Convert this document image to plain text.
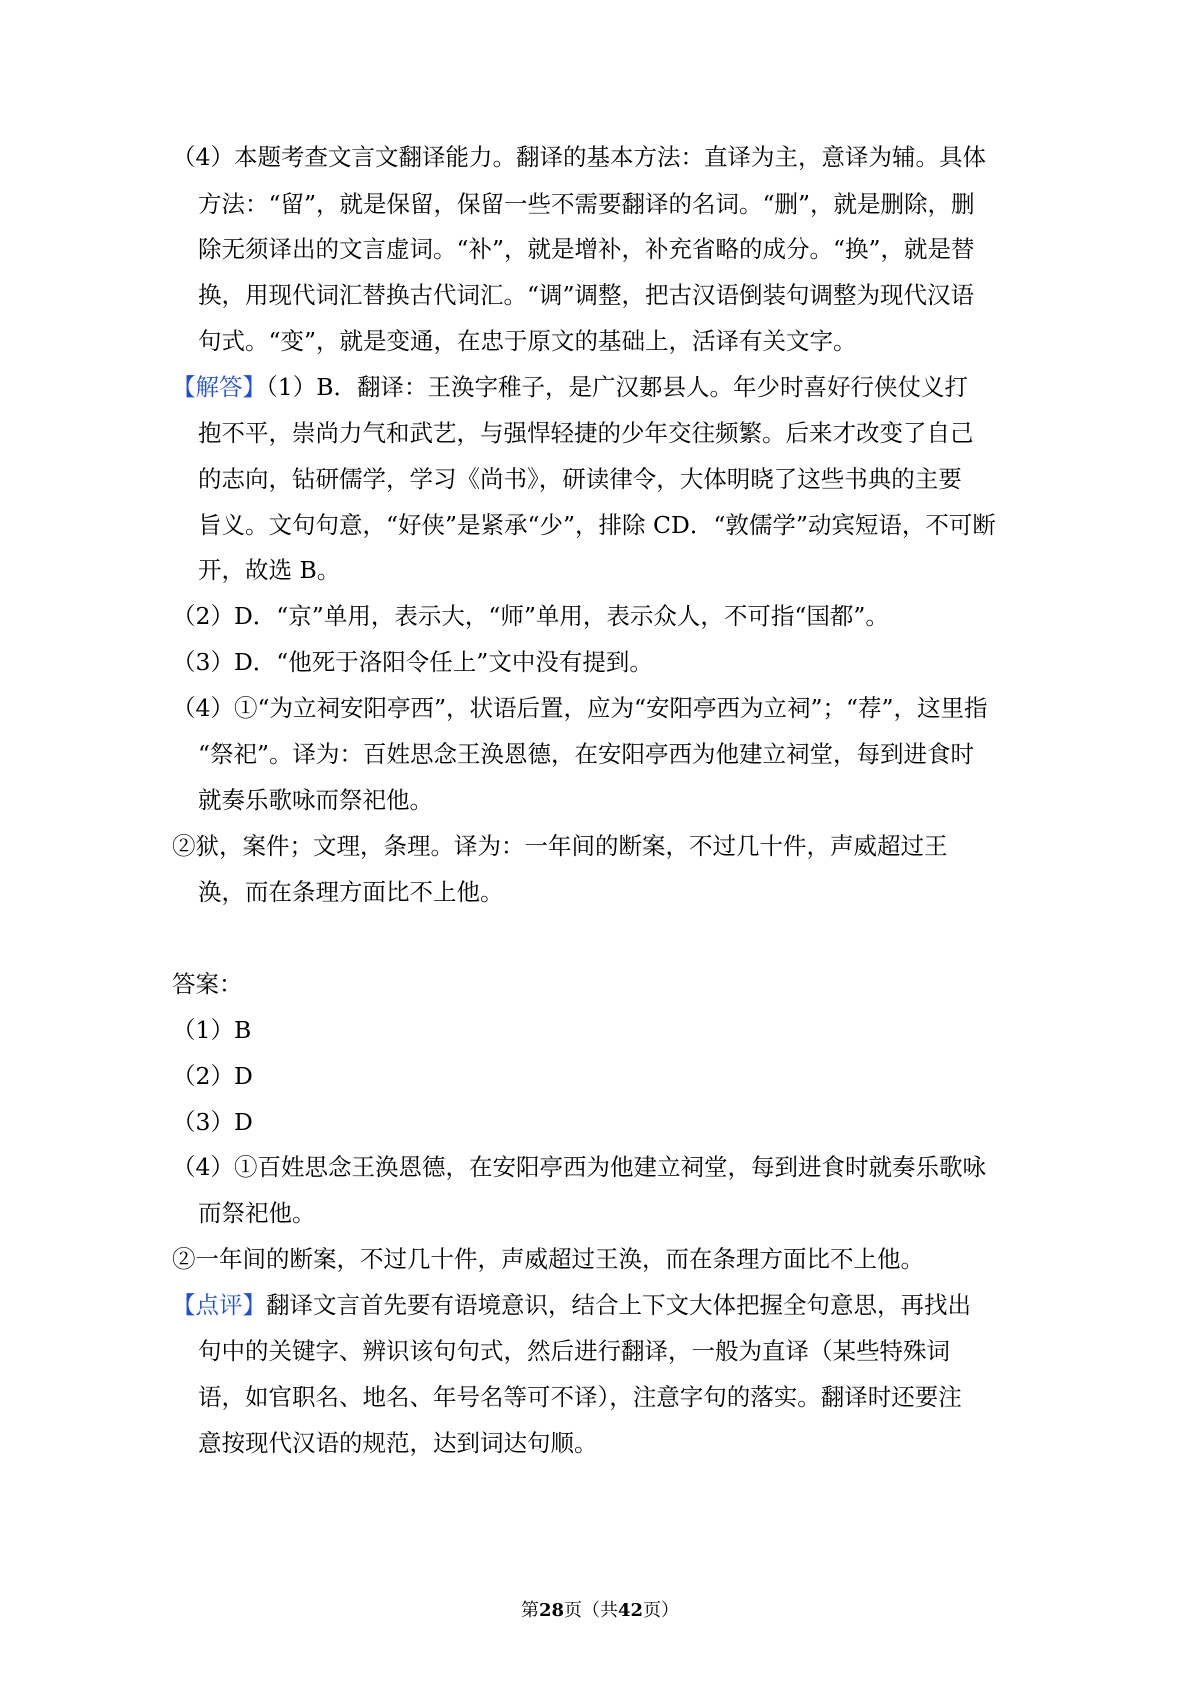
（4）本题考查文言文翻译能力。翻译的基本方法：直译为主，意译为辅。具体
方法：“留”，就是保留，保留一些不需要翻译的名词。“删”，就是删除，删
除无须译出的文言虚词。“补”，就是增补，补充省略的成分。“换”，就是替
换，用现代词汇替换古代词汇。“调”调整，把古汉语倒装句调整为现代汉语
句式。“变”，就是变通，在忠于原文的基础上，活译有关文字。
【解答】（1）B．翻译：王涣字稚子，是广汉郪县人。年少时喜好行侠仗义打
抱不平，崇尚力气和武艺，与强悍轻捷的少年交往频繁。后来才改变了自己
的志向，钻研儒学，学习《尚书》，研读律令，大体明晓了这些书典的主要
旨义。文句句意，“好侠”是紧承“少”，排除 CD．“敦儒学”动宾短语，不可断
开，故选 B。
（2）D．“京”单用，表示大，“师”单用，表示众人，不可指“国都”。
（3）D．“他死于洛阳令任上”文中没有提到。
（4）①“为立祠安阳亭西”，状语后置，应为“安阳亭西为立祠”；“荐”，这里指
“祭祀”。译为：百姓思念王涣恩德，在安阳亭西为他建立祠堂，每到进食时
就奏乐歌咏而祭祀他。
②狱，案件；文理，条理。译为：一年间的断案，不过几十件，声威超过王
涣，而在条理方面比不上他。
答案：
（1）B
（2）D
（3）D
（4）①百姓思念王涣恩德，在安阳亭西为他建立祠堂，每到进食时就奏乐歌咏
而祭祀他。
②一年间的断案，不过几十件，声威超过王涣，而在条理方面比不上他。
【点评】翻译文言首先要有语境意识，结合上下文大体把握全句意思，再找出
句中的关键字、辨识该句句式，然后进行翻译，一般为直译（某些特殊词
语，如官职名、地名、年号名等可不译），注意字句的落实。翻译时还要注
意按现代汉语的规范，达到词达句顺。
第28页（共42页）
